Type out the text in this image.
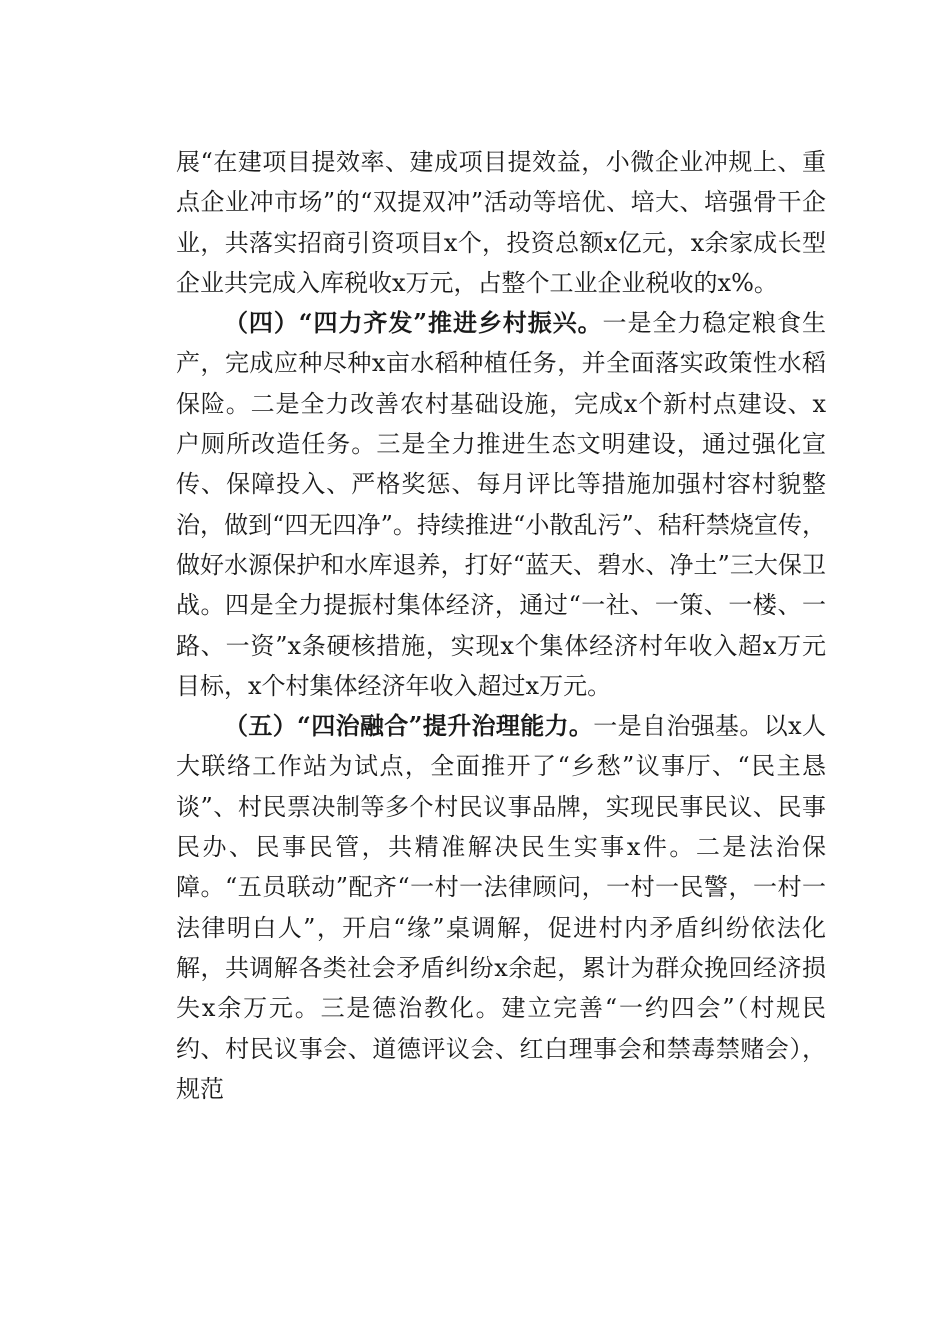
展“在建项目提效率、建成项目提效益，小微企业冲规上、重点企业冲市场”的“双提双冲”活动等培优、培大、培强骨干企业，共落实招商引资项目x个，投资总额x亿元，x余家成长型企业共完成入库税收x万元，占整个工业企业税收的x%。

（四）“四力齐发”推进乡村振兴。一是全力稳定粮食生产，完成应种尽种x亩水稻种植任务，并全面落实政策性水稻保险。二是全力改善农村基础设施，完成x个新村点建设、x户厕所改造任务。三是全力推进生态文明建设，通过强化宣传、保障投入、严格奖惩、每月评比等措施加强村容村貌整治，做到“四无四净”。持续推进“小散乱污”、秸秆禁烧宣传，做好水源保护和水库退养，打好“蓝天、碧水、净土”三大保卫战。四是全力提振村集体经济，通过“一社、一策、一楼、一路、一资”x条硬核措施，实现x个集体经济村年收入超x万元目标，x个村集体经济年收入超过x万元。

（五）“四治融合”提升治理能力。一是自治强基。以x人大联络工作站为试点，全面推开了“乡愁”议事厅、“民主恳谈”、村民票决制等多个村民议事品牌，实现民事民议、民事民办、民事民管，共精准解决民生实事x件。二是法治保障。“五员联动”配齐“一村一法律顾问，一村一民警，一村一法律明白人”，开启“缘”桌调解，促进村内矛盾纠纷依法化解，共调解各类社会矛盾纠纷x余起，累计为群众挽回经济损失x余万元。三是德治教化。建立完善“一约四会”（村规民约、村民议事会、道德评议会、红白理事会和禁毒禁赌会），规范
